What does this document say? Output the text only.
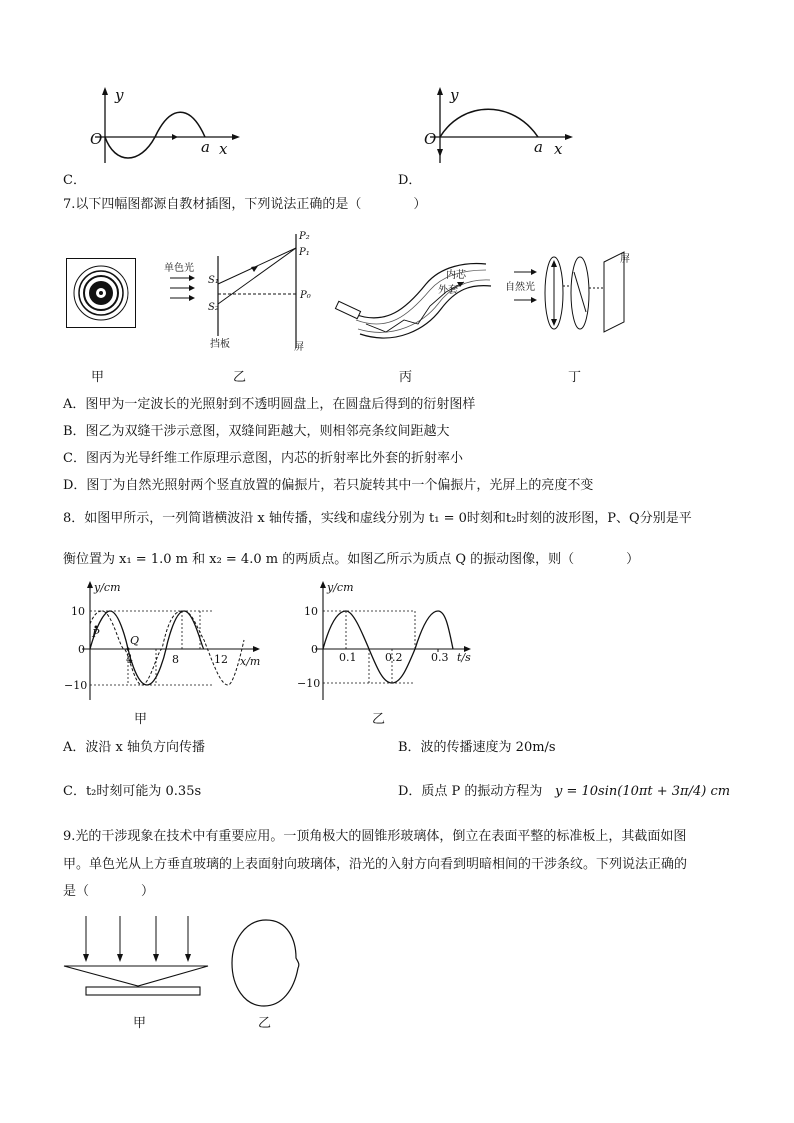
y
O	a x
C．
y
O	a x
D．
7.以下四幅图都源自教材插图，下列说法正确的是（　　　　）
单色光
S₁
S₂
P₀
P₁
P₂
挡板	屏
内芯
外套	自然光
屏
甲	乙	丙	丁
A．图甲为一定波长的光照射到不透明圆盘上，在圆盘后得到的衍射图样
B．图乙为双缝干涉示意图，双缝间距越大，则相邻亮条纹间距越大
C．图丙为光导纤维工作原理示意图，内芯的折射率比外套的折射率小
D．图丁为自然光照射两个竖直放置的偏振片，若只旋转其中一个偏振片，光屏上的亮度不变
8．如图甲所示，一列简谐横波沿 x 轴传播，实线和虚线分别为 t₁ = 0时刻和t₂时刻的波形图，P、Q分别是平
衡位置为 x₁ = 1.0 m 和 x₂ = 4.0 m 的两质点。如图乙所示为质点 Q 的振动图像，则（　　　　）
y/cm
10
0
−10
4	8	12 x/m
P
Q
甲
y/cm
10
0
−10
0.1	0.2	0.3 t/s
乙
A．波沿 x 轴负方向传播	B．波的传播速度为 20m/s
C．t₂时刻可能为 0.35s	D．质点 P 的振动方程为 y = 10sin(10πt + 3π/4) cm
9.光的干涉现象在技术中有重要应用。一顶角极大的圆锥形玻璃体，倒立在表面平整的标准板上，其截面如图
甲。单色光从上方垂直玻璃的上表面射向玻璃体，沿光的入射方向看到明暗相间的干涉条纹。下列说法正确的
是（　　　　）
甲	乙
